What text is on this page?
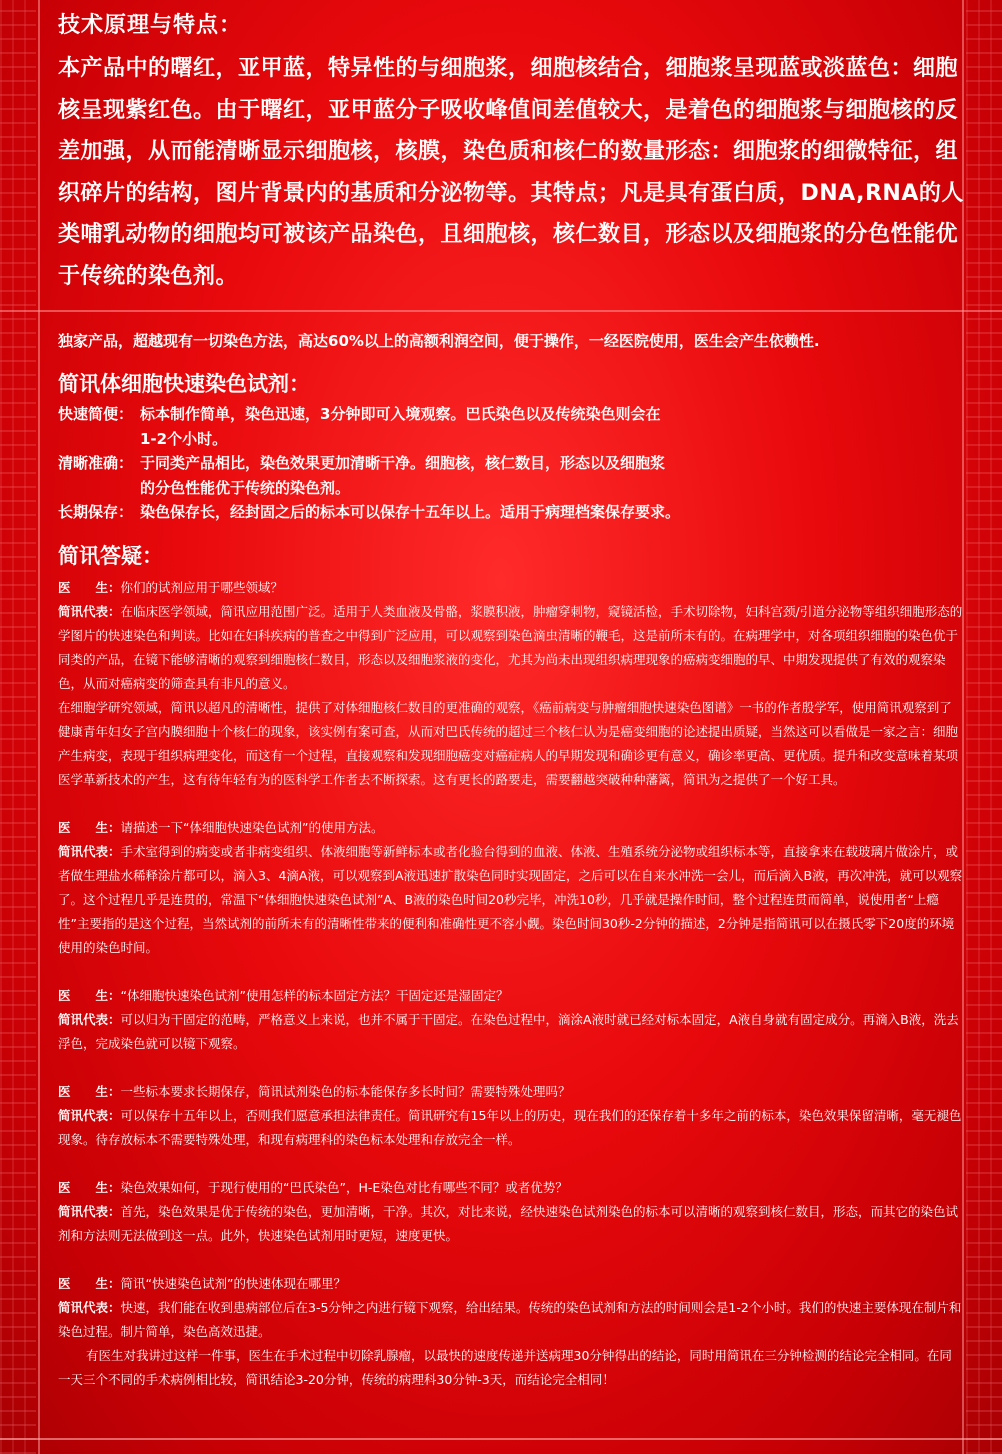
技术原理与特点：
本产品中的曙红，亚甲蓝，特异性的与细胞浆，细胞核结合，细胞浆呈现蓝或淡蓝色：细胞核呈现紫红色。由于曙红，亚甲蓝分子吸收峰值间差值较大，是着色的细胞浆与细胞核的反差加强，从而能清晰显示细胞核，核膜，染色质和核仁的数量形态：细胞浆的细微特征，组织碎片的结构，图片背景内的基质和分泌物等。其特点；凡是具有蛋白质，DNA,RNA的人类哺乳动物的细胞均可被该产品染色，且细胞核，核仁数目，形态以及细胞浆的分色性能优于传统的染色剂。
独家产品，超越现有一切染色方法，高达60%以上的高额利润空间，便于操作，一经医院使用，医生会产生依赖性.
简讯体细胞快速染色试剂：
快速简便： 标本制作简单，染色迅速，3分钟即可入境观察。巴氏染色以及传统染色则会在
1-2个小时。
清晰准确： 于同类产品相比，染色效果更加清晰干净。细胞核，核仁数目，形态以及细胞浆
的分色性能优于传统的染色剂。
长期保存： 染色保存长，经封固之后的标本可以保存十五年以上。适用于病理档案保存要求。
简讯答疑：

医　　生：你们的试剂应用于哪些领域？

简讯代表：在临床医学领域，简讯应用范围广泛。适用于人类血液及骨骼，浆膜积液，肿瘤穿刺物，窥镜活检，手术切除物，妇科宫颈/引道分泌物等组织细胞形态的学图片的快速染色和判读。比如在妇科疾病的普查之中得到广泛应用，可以观察到染色滴虫清晰的鞭毛，这是前所未有的。在病理学中，对各项组织细胞的染色优于同类的产品，在镜下能够清晰的观察到细胞核仁数目，形态以及细胞浆液的变化，尤其为尚未出现组织病理现象的癌病变细胞的早、中期发现提供了有效的观察染色，从而对癌病变的筛查具有非凡的意义。

在细胞学研究领域，简讯以超凡的清晰性，提供了对体细胞核仁数目的更准确的观察，《癌前病变与肿瘤细胞快速染色图谱》一书的作者殷学军，使用简讯观察到了健康青年妇女子宫内膜细胞十个核仁的现象，该实例有案可查，从而对巴氏传统的超过三个核仁认为是癌变细胞的论述提出质疑，当然这可以看做是一家之言：细胞产生病变，表现于组织病理变化，而这有一个过程，直接观察和发现细胞癌变对癌症病人的早期发现和确诊更有意义，确诊率更高、更优质。提升和改变意味着某项医学革新技术的产生，这有待年轻有为的医科学工作者去不断探索。这有更长的路要走，需要翻越突破种种藩篱，简讯为之提供了一个好工具。

医　　生：请描述一下“体细胞快速染色试剂”的使用方法。

简讯代表：手术室得到的病变或者非病变组织、体液细胞等新鲜标本或者化验台得到的血液、体液、生殖系统分泌物或组织标本等，直接拿来在载玻璃片做涂片，或者做生理盐水稀释涂片都可以，滴入3、4滴A液，可以观察到A液迅速扩散染色同时实现固定，之后可以在自来水冲洗一会儿，而后滴入B液，再次冲洗，就可以观察了。这个过程几乎是连贯的，常温下“体细胞快速染色试剂”A、B液的染色时间20秒完毕，冲洗10秒，几乎就是操作时间，整个过程连贯而简单，说使用者“上瘾性”主要指的是这个过程，当然试剂的前所未有的清晰性带来的便利和准确性更不容小觑。染色时间30秒-2分钟的描述，2分钟是指简讯可以在摄氏零下20度的环境使用的染色时间。

医　　生：“体细胞快速染色试剂”使用怎样的标本固定方法？干固定还是湿固定？

简讯代表：可以归为干固定的范畴，严格意义上来说，也并不属于干固定。在染色过程中，滴涂A液时就已经对标本固定，A液自身就有固定成分。再滴入B液，洗去浮色，完成染色就可以镜下观察。

医　　生：一些标本要求长期保存，简讯试剂染色的标本能保存多长时间？需要特殊处理吗？

简讯代表：可以保存十五年以上，否则我们愿意承担法律责任。简讯研究有15年以上的历史，现在我们的还保存着十多年之前的标本，染色效果保留清晰，毫无褪色现象。待存放标本不需要特殊处理，和现有病理科的染色标本处理和存放完全一样。

医　　生：染色效果如何，于现行使用的“巴氏染色”，H-E染色对比有哪些不同？或者优势？

简讯代表：首先，染色效果是优于传统的染色，更加清晰，干净。其次，对比来说，经快速染色试剂染色的标本可以清晰的观察到核仁数目，形态，而其它的染色试剂和方法则无法做到这一点。此外，快速染色试剂用时更短，速度更快。

医　　生：简讯“快速染色试剂”的快速体现在哪里？

简讯代表：快速，我们能在收到患病部位后在3-5分钟之内进行镜下观察，给出结果。传统的染色试剂和方法的时间则会是1-2个小时。我们的快速主要体现在制片和染色过程。制片简单，染色高效迅捷。

有医生对我讲过这样一件事，医生在手术过程中切除乳腺瘤，以最快的速度传递并送病理30分钟得出的结论，同时用简讯在三分钟检测的结论完全相同。在同一天三个不同的手术病例相比较，简讯结论3-20分钟，传统的病理科30分钟-3天，而结论完全相同！
